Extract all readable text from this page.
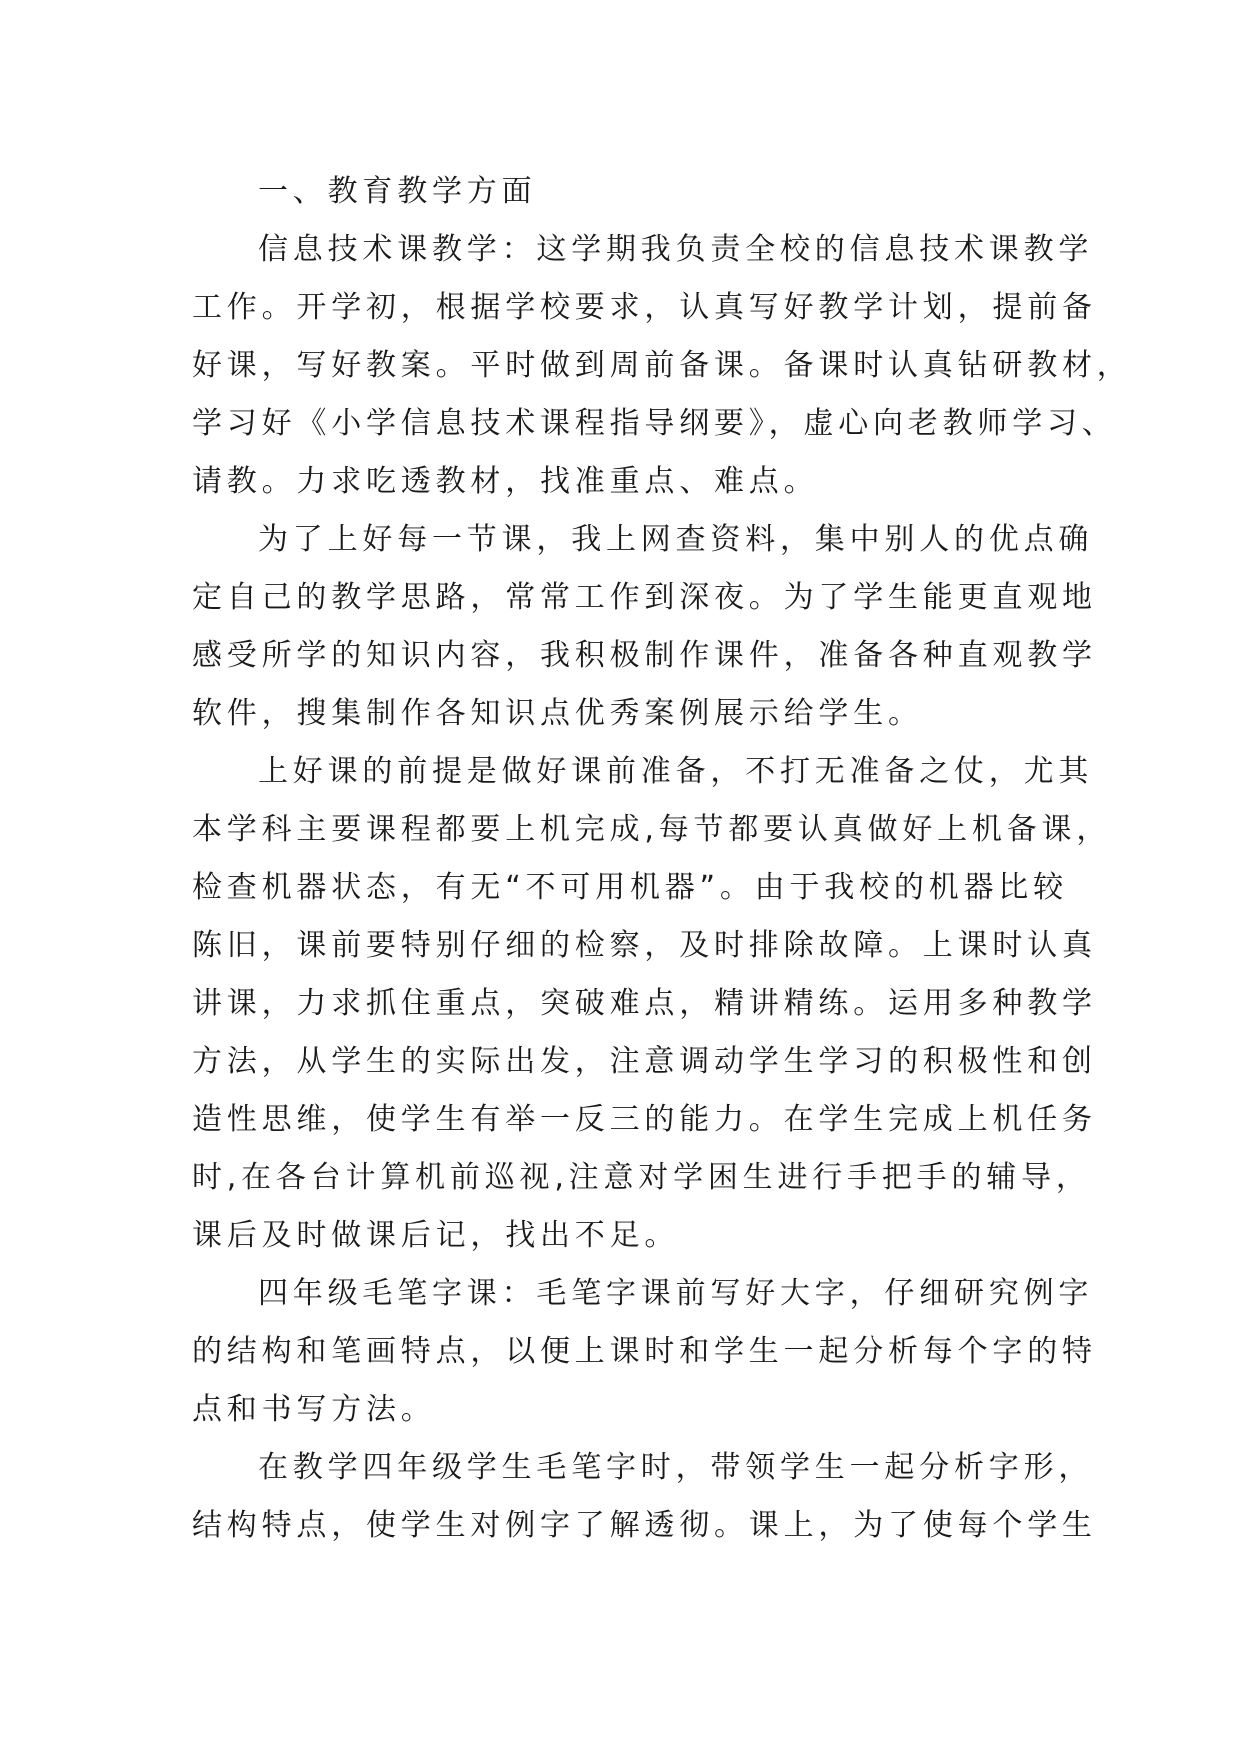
一、教育教学方面
信息技术课教学：这学期我负责全校的信息技术课教学
工作。开学初，根据学校要求，认真写好教学计划，提前备
好课，写好教案。平时做到周前备课。备课时认真钻研教材，
学习好《小学信息技术课程指导纲要》，虚心向老教师学习、
请教。力求吃透教材，找准重点、难点。
为了上好每一节课，我上网查资料，集中别人的优点确
定自己的教学思路，常常工作到深夜。为了学生能更直观地
感受所学的知识内容，我积极制作课件，准备各种直观教学
软件，搜集制作各知识点优秀案例展示给学生。
上好课的前提是做好课前准备，不打无准备之仗，尤其
本学科主要课程都要上机完成,每节都要认真做好上机备课，
检查机器状态，有无“不可用机器”。由于我校的机器比较
陈旧，课前要特别仔细的检察，及时排除故障。上课时认真
讲课，力求抓住重点，突破难点，精讲精练。运用多种教学
方法，从学生的实际出发，注意调动学生学习的积极性和创
造性思维，使学生有举一反三的能力。在学生完成上机任务
时,在各台计算机前巡视,注意对学困生进行手把手的辅导，
课后及时做课后记，找出不足。
四年级毛笔字课：毛笔字课前写好大字，仔细研究例字
的结构和笔画特点，以便上课时和学生一起分析每个字的特
点和书写方法。
在教学四年级学生毛笔字时，带领学生一起分析字形，
结构特点，使学生对例字了解透彻。课上，为了使每个学生
